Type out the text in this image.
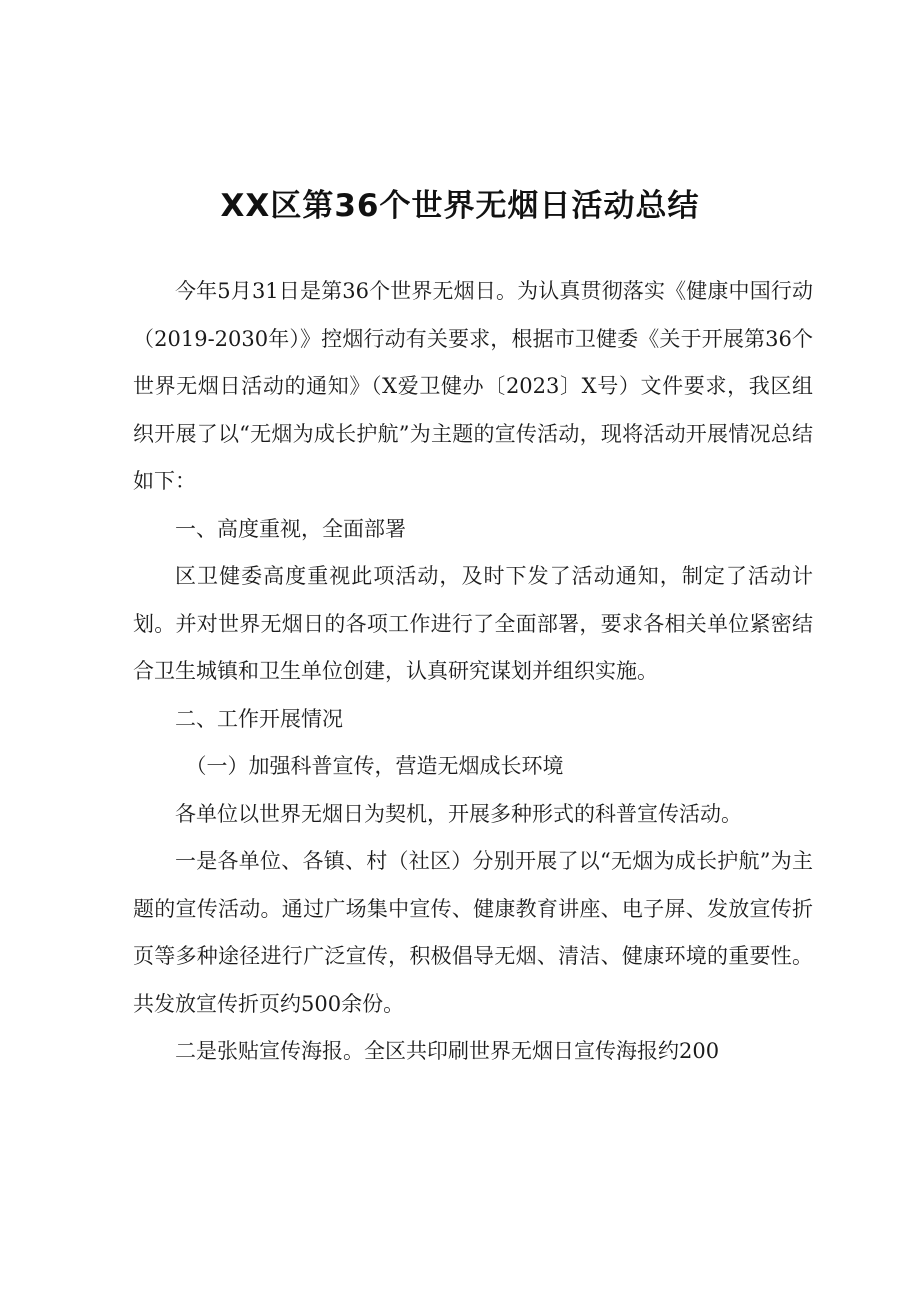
XX区第36个世界无烟日活动总结

今年5月31日是第36个世界无烟日。为认真贯彻落实《健康中国行动（2019-2030年）》控烟行动有关要求，根据市卫健委《关于开展第36个世界无烟日活动的通知》（X爱卫健办〔2023〕X号）文件要求，我区组织开展了以“无烟为成长护航”为主题的宣传活动，现将活动开展情况总结如下：

一、高度重视，全面部署

区卫健委高度重视此项活动，及时下发了活动通知，制定了活动计划。并对世界无烟日的各项工作进行了全面部署，要求各相关单位紧密结合卫生城镇和卫生单位创建，认真研究谋划并组织实施。

二、工作开展情况

（一）加强科普宣传，营造无烟成长环境

各单位以世界无烟日为契机，开展多种形式的科普宣传活动。

一是各单位、各镇、村（社区）分别开展了以“无烟为成长护航”为主题的宣传活动。通过广场集中宣传、健康教育讲座、电子屏、发放宣传折页等多种途径进行广泛宣传，积极倡导无烟、清洁、健康环境的重要性。共发放宣传折页约500余份。

二是张贴宣传海报。全区共印刷世界无烟日宣传海报约200
